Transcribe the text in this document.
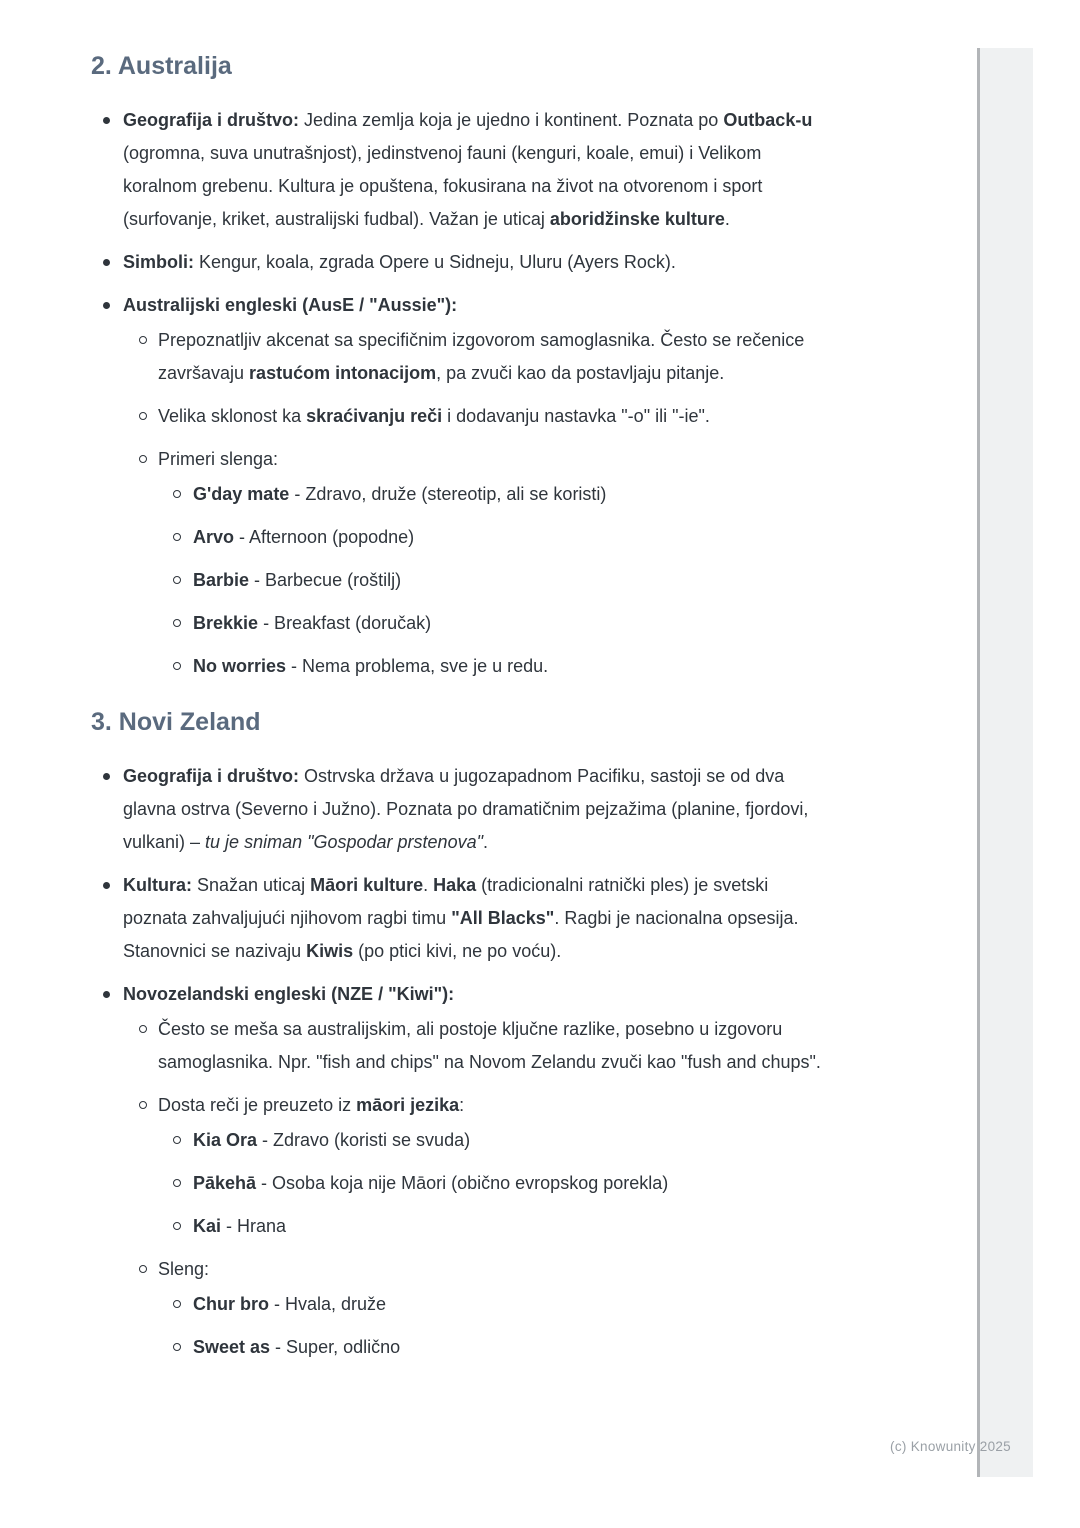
2. Australija
Geografija i društvo: Jedina zemlja koja je ujedno i kontinent. Poznata po Outback-u (ogromna, suva unutrašnjost), jedinstvenoj fauni (kenguri, koale, emui) i Velikom koralnom grebenu. Kultura je opuštena, fokusirana na život na otvorenom i sport (surfovanje, kriket, australijski fudbal). Važan je uticaj aboridžinske kulture.
Simboli: Kengur, koala, zgrada Opere u Sidneju, Uluru (Ayers Rock).
Australijski engleski (AusE / "Aussie"):
Prepoznatljiv akcenat sa specifičnim izgovorom samoglasnika. Često se rečenice završavaju rastućom intonacijom, pa zvuči kao da postavljaju pitanje.
Velika sklonost ka skraćivanju reči i dodavanju nastavka "-o" ili "-ie".
Primeri slenga:
G'day mate - Zdravo, druže (stereotip, ali se koristi)
Arvo - Afternoon (popodne)
Barbie - Barbecue (roštilj)
Brekkie - Breakfast (doručak)
No worries - Nema problema, sve je u redu.
3. Novi Zeland
Geografija i društvo: Ostrvska država u jugozapadnom Pacifiku, sastoji se od dva glavna ostrva (Severno i Južno). Poznata po dramatičnim pejzažima (planine, fjordovi, vulkani) – tu je sniman "Gospodar prstenova".
Kultura: Snažan uticaj Māori kulture. Haka (tradicionalni ratnički ples) je svetski poznata zahvaljujući njihovom ragbi timu "All Blacks". Ragbi je nacionalna opsesija. Stanovnici se nazivaju Kiwis (po ptici kivi, ne po voću).
Novozelandski engleski (NZE / "Kiwi"):
Često se meša sa australijskim, ali postoje ključne razlike, posebno u izgovoru samoglasnika. Npr. "fish and chips" na Novom Zelandu zvuči kao "fush and chups".
Dosta reči je preuzeto iz māori jezika:
Kia Ora - Zdravo (koristi se svuda)
Pākehā - Osoba koja nije Māori (obično evropskog porekla)
Kai - Hrana
Sleng:
Chur bro - Hvala, druže
Sweet as - Super, odlično
(c) Knowunity 2025
